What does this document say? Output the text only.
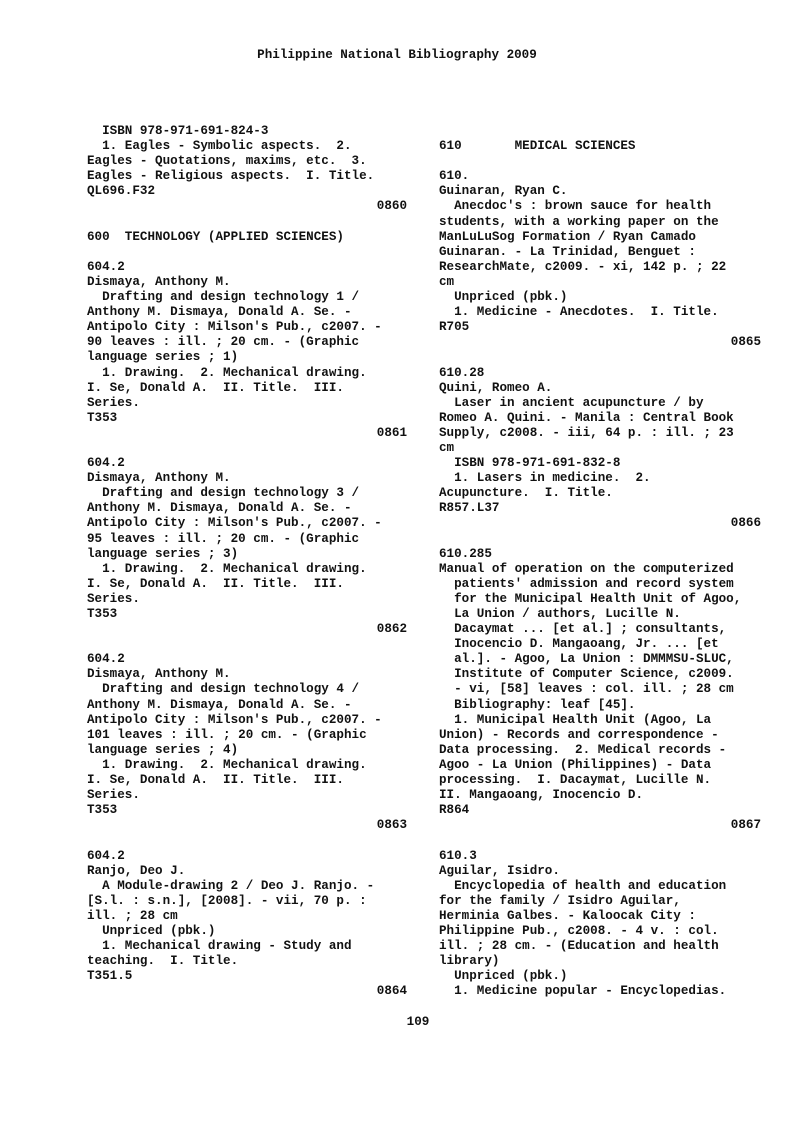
Philippine National Bibliography 2009
ISBN 978-971-691-824-3
1. Eagles - Symbolic aspects.  2.
Eagles - Quotations, maxims, etc.  3.
Eagles - Religious aspects.  I. Title.
QL696.F32
0860
600  TECHNOLOGY (APPLIED SCIENCES)
604.2
Dismaya, Anthony M.
Drafting and design technology 1 /
Anthony M. Dismaya, Donald A. Se. -
Antipolo City : Milson's Pub., c2007. -
90 leaves : ill. ; 20 cm. - (Graphic
language series ; 1)
1. Drawing.  2. Mechanical drawing.
I. Se, Donald A.  II. Title.  III.
Series.
T353
0861
604.2
Dismaya, Anthony M.
Drafting and design technology 3 /
Anthony M. Dismaya, Donald A. Se. -
Antipolo City : Milson's Pub., c2007. -
95 leaves : ill. ; 20 cm. - (Graphic
language series ; 3)
1. Drawing.  2. Mechanical drawing.
I. Se, Donald A.  II. Title.  III.
Series.
T353
0862
604.2
Dismaya, Anthony M.
Drafting and design technology 4 /
Anthony M. Dismaya, Donald A. Se. -
Antipolo City : Milson's Pub., c2007. -
101 leaves : ill. ; 20 cm. - (Graphic
language series ; 4)
1. Drawing.  2. Mechanical drawing.
I. Se, Donald A.  II. Title.  III.
Series.
T353
0863
604.2
Ranjo, Deo J.
A Module-drawing 2 / Deo J. Ranjo. -
[S.l. : s.n.], [2008]. - vii, 70 p. :
ill. ; 28 cm
Unpriced (pbk.)
1. Mechanical drawing - Study and
teaching.  I. Title.
T351.5
0864
610       MEDICAL SCIENCES
610.
Guinaran, Ryan C.
Anecdoc's : brown sauce for health
students, with a working paper on the
ManLuLuSog Formation / Ryan Camado
Guinaran. - La Trinidad, Benguet :
ResearchMate, c2009. - xi, 142 p. ; 22
cm
Unpriced (pbk.)
1. Medicine - Anecdotes.  I. Title.
R705
0865
610.28
Quini, Romeo A.
Laser in ancient acupuncture / by
Romeo A. Quini. - Manila : Central Book
Supply, c2008. - iii, 64 p. : ill. ; 23
cm
ISBN 978-971-691-832-8
1. Lasers in medicine.  2.
Acupuncture.  I. Title.
R857.L37
0866
610.285
Manual of operation on the computerized
patients' admission and record system
for the Municipal Health Unit of Agoo,
La Union / authors, Lucille N.
Dacaymat ... [et al.] ; consultants,
Inocencio D. Mangaoang, Jr. ... [et
al.]. - Agoo, La Union : DMMMSU-SLUC,
Institute of Computer Science, c2009.
- vi, [58] leaves : col. ill. ; 28 cm
Bibliography: leaf [45].
1. Municipal Health Unit (Agoo, La
Union) - Records and correspondence -
Data processing.  2. Medical records -
Agoo - La Union (Philippines) - Data
processing.  I. Dacaymat, Lucille N.
II. Mangaoang, Inocencio D.
R864
0867
610.3
Aguilar, Isidro.
Encyclopedia of health and education
for the family / Isidro Aguilar,
Herminia Galbes. - Kaloocak City :
Philippine Pub., c2008. - 4 v. : col.
ill. ; 28 cm. - (Education and health
library)
Unpriced (pbk.)
1. Medicine popular - Encyclopedias.
109
